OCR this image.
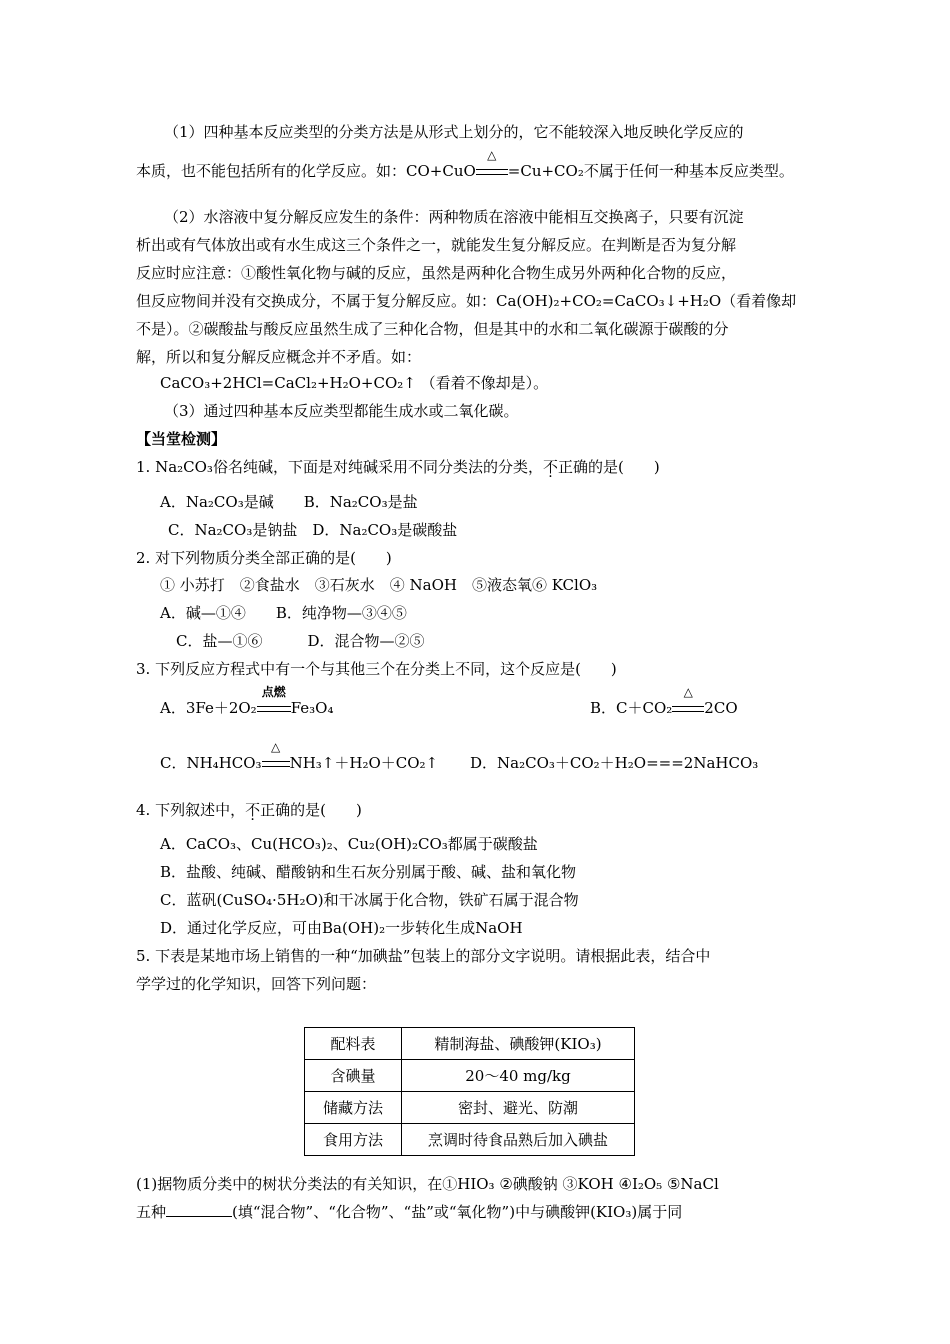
（1）四种基本反应类型的分类方法是从形式上划分的，它不能较深入地反映化学反应的
本质，也不能包括所有的化学反应。如：CO+CuO
△
=Cu+CO₂不属于任何一种基本反应类型。
（2）水溶液中复分解反应发生的条件：两种物质在溶液中能相互交换离子，只要有沉淀
析出或有气体放出或有水生成这三个条件之一，就能发生复分解反应。在判断是否为复分解
反应时应注意：①酸性氧化物与碱的反应，虽然是两种化合物生成另外两种化合物的反应，
但反应物间并没有交换成分，不属于复分解反应。如：Ca(OH)₂+CO₂=CaCO₃↓+H₂O（看着像却
不是）。②碳酸盐与酸反应虽然生成了三种化合物，但是其中的水和二氧化碳源于碳酸的分
解，所以和复分解反应概念并不矛盾。如：
CaCO₃+2HCl=CaCl₂+H₂O+CO₂↑ （看着不像却是）。
（3）通过四种基本反应类型都能生成水或二氧化碳。
【当堂检测】
1. Na₂CO₃俗名纯碱，下面是对纯碱采用不同分类法的分类，不正确的是(　　)
A．Na₂CO₃是碱　　B．Na₂CO₃是盐
C．Na₂CO₃是钠盐　D．Na₂CO₃是碳酸盐
2. 对下列物质分类全部正确的是(　　)
① 小苏打　②食盐水　③石灰水　④ NaOH　⑤液态氧⑥ KClO₃
A．碱—①④　　B．纯净物—③④⑤
C．盐—①⑥　　　D．混合物—②⑤
3. 下列反应方程式中有一个与其他三个在分类上不同，这个反应是(　　)
A．3Fe＋2O₂
点燃
Fe₃O₄	B．C＋CO₂
△
2CO
C．NH₄HCO₃
△
NH₃↑＋H₂O＋CO₂↑ D．Na₂CO₃＋CO₂＋H₂O===2NaHCO₃
4. 下列叙述中，不正确的是(　　)
A．CaCO₃、Cu(HCO₃)₂、Cu₂(OH)₂CO₃都属于碳酸盐
B．盐酸、纯碱、醋酸钠和生石灰分别属于酸、碱、盐和氧化物
C．蓝矾(CuSO₄·5H₂O)和干冰属于化合物，铁矿石属于混合物
D．通过化学反应，可由Ba(OH)₂一步转化生成NaOH
5. 下表是某地市场上销售的一种“加碘盐”包装上的部分文字说明。请根据此表，结合中
学学过的化学知识，回答下列问题：
配料表	精制海盐、碘酸钾(KIO₃)
含碘量	20～40 mg/kg
储藏方法	密封、避光、防潮
食用方法	烹调时待食品熟后加入碘盐
(1)据物质分类中的树状分类法的有关知识，在①HIO₃ ②碘酸钠 ③KOH ④I₂O₅ ⑤NaCl
五种	(填“混合物”、“化合物”、“盐”或“氧化物”)中与碘酸钾(KIO₃)属于同
